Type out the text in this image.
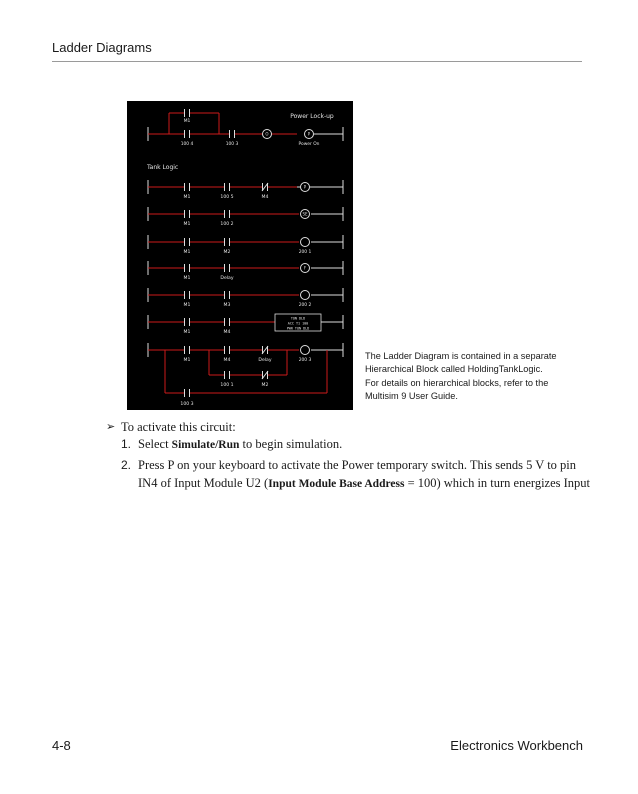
Ladder Diagrams
O	P
P
SE
F
TON DLD
ACC T1 100
PWR TON DLD
M1
100 4	100 3	Power On
Power Lock-up
Tank Logic
M1	100 5	M4
M1	100 2
M1	M2	200 1
M1	Delay
M1	M3	200 2
M1	M4
M1	M4	Delay	200 3
100 1	M2
100 3
The Ladder Diagram is contained in a separate
Hierarchical Block called HoldingTankLogic.
For details on hierarchical blocks, refer to the
Multisim 9 User Guide.
➢ To activate this circuit:
1. Select Simulate/Run to begin simulation.
2. Press P on your keyboard to activate the Power temporary switch. This sends 5 V to pin
IN4 of Input Module U2 (Input Module Base Address = 100) which in turn energizes Input
4-8	Electronics Workbench
